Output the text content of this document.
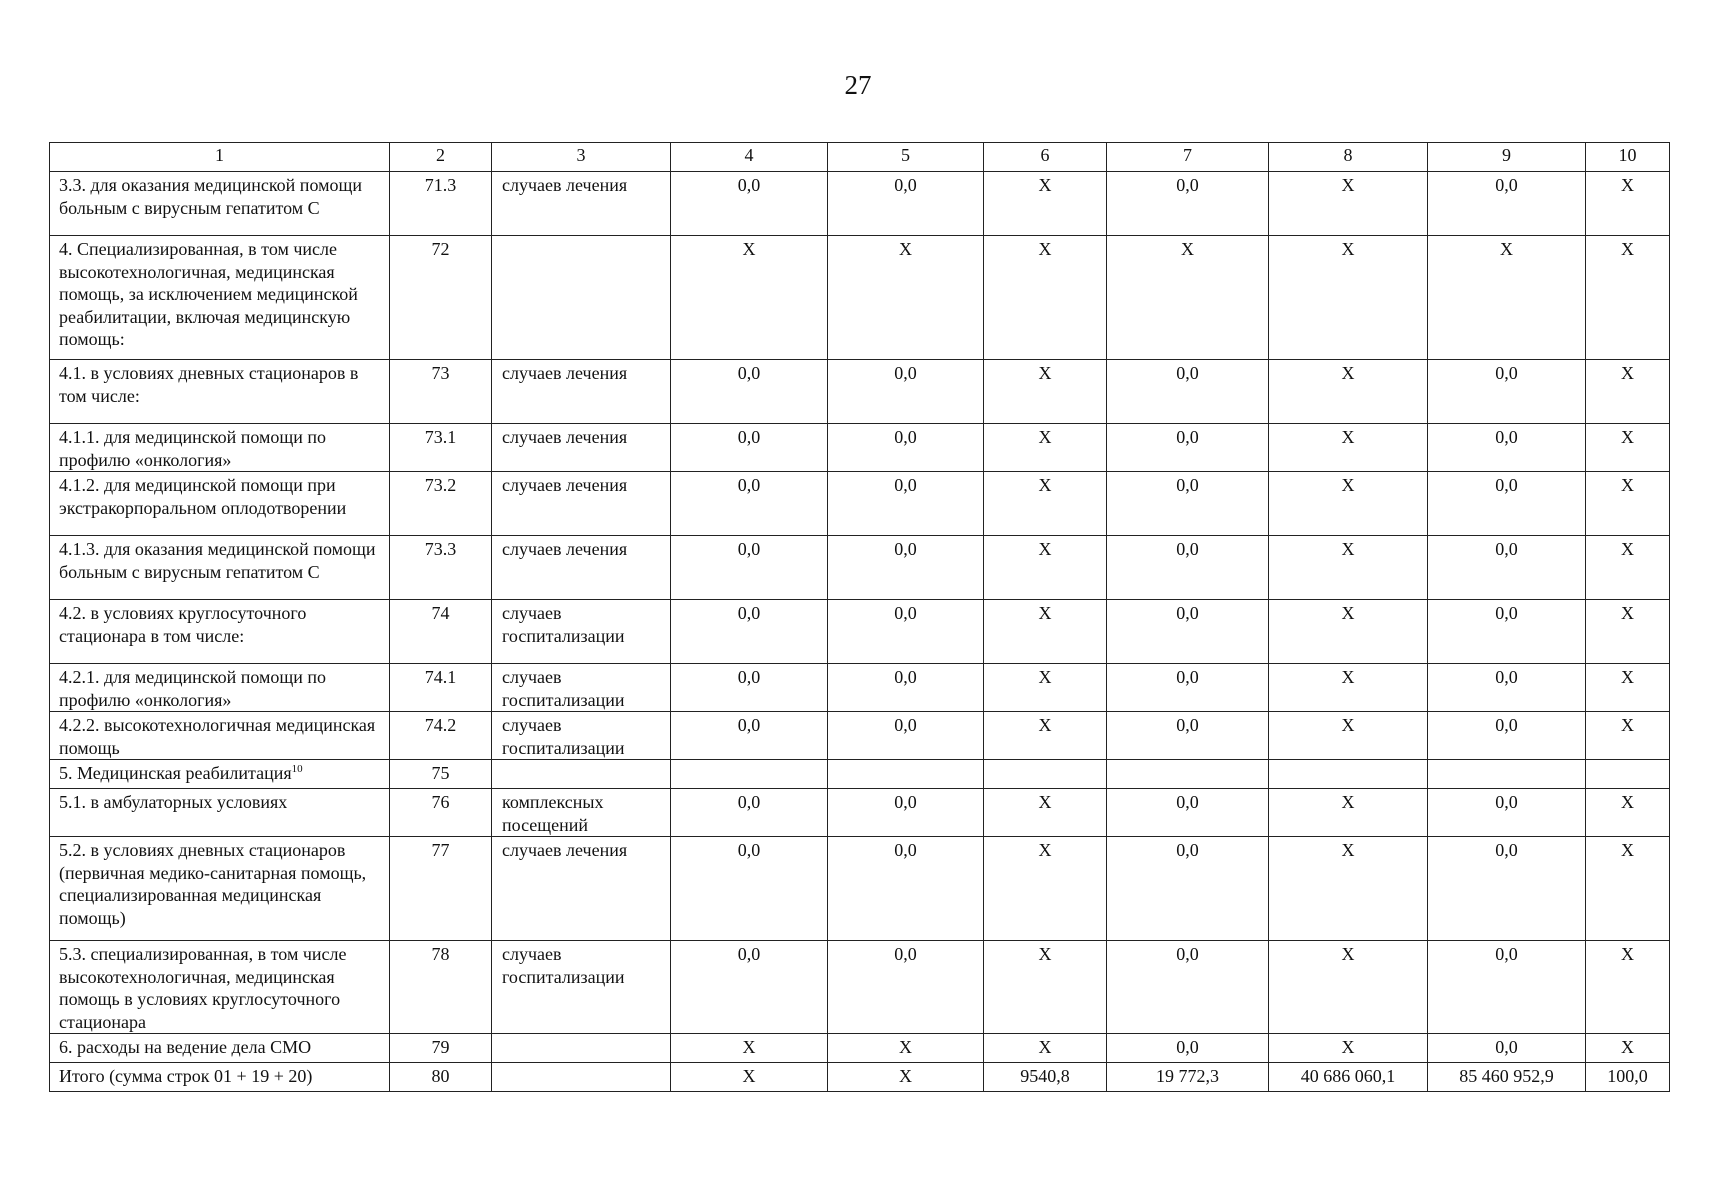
27
1	2	3	4	5	6	7	8	9	10
3.3. для оказания медицинской помощи больным с вирусным гепатитом С	71.3	случаев лечения	0,0	0,0	X	0,0	X	0,0	X
4. Специализированная, в том числе высокотехнологичная, медицинская помощь, за исключением медицинской реабилитации, включая медицинскую помощь:	72		X	X	X	X	X	X	X
4.1. в условиях дневных стационаров в том числе:	73	случаев лечения	0,0	0,0	X	0,0	X	0,0	X
4.1.1. для медицинской помощи по профилю «онкология»	73.1	случаев лечения	0,0	0,0	X	0,0	X	0,0	X
4.1.2. для медицинской помощи при экстракорпоральном оплодотворении	73.2	случаев лечения	0,0	0,0	X	0,0	X	0,0	X
4.1.3. для оказания медицинской помощи больным с вирусным гепатитом С	73.3	случаев лечения	0,0	0,0	X	0,0	X	0,0	X
4.2. в условиях круглосуточного стационара в том числе:	74	случаев госпитализации	0,0	0,0	X	0,0	X	0,0	X
4.2.1. для медицинской помощи по профилю «онкология»	74.1	случаев госпитализации	0,0	0,0	X	0,0	X	0,0	X
4.2.2. высокотехнологичная медицинская помощь	74.2	случаев госпитализации	0,0	0,0	X	0,0	X	0,0	X
5. Медицинская реабилитация$^{10}$	75								
5.1. в амбулаторных условиях	76	комплексных посещений	0,0	0,0	X	0,0	X	0,0	X
5.2. в условиях дневных стационаров (первичная медико-санитарная помощь, специализированная медицинская помощь)	77	случаев лечения	0,0	0,0	X	0,0	X	0,0	X
5.3. специализированная, в том числе высокотехнологичная, медицинская помощь в условиях круглосуточного стационара	78	случаев госпитализации	0,0	0,0	X	0,0	X	0,0	X
6. расходы на ведение дела СМО	79		X	X	X	0,0	X	0,0	X
Итого (сумма строк 01 + 19 + 20)	80		X	X	9540,8	19 772,3	40 686 060,1	85 460 952,9	100,0
